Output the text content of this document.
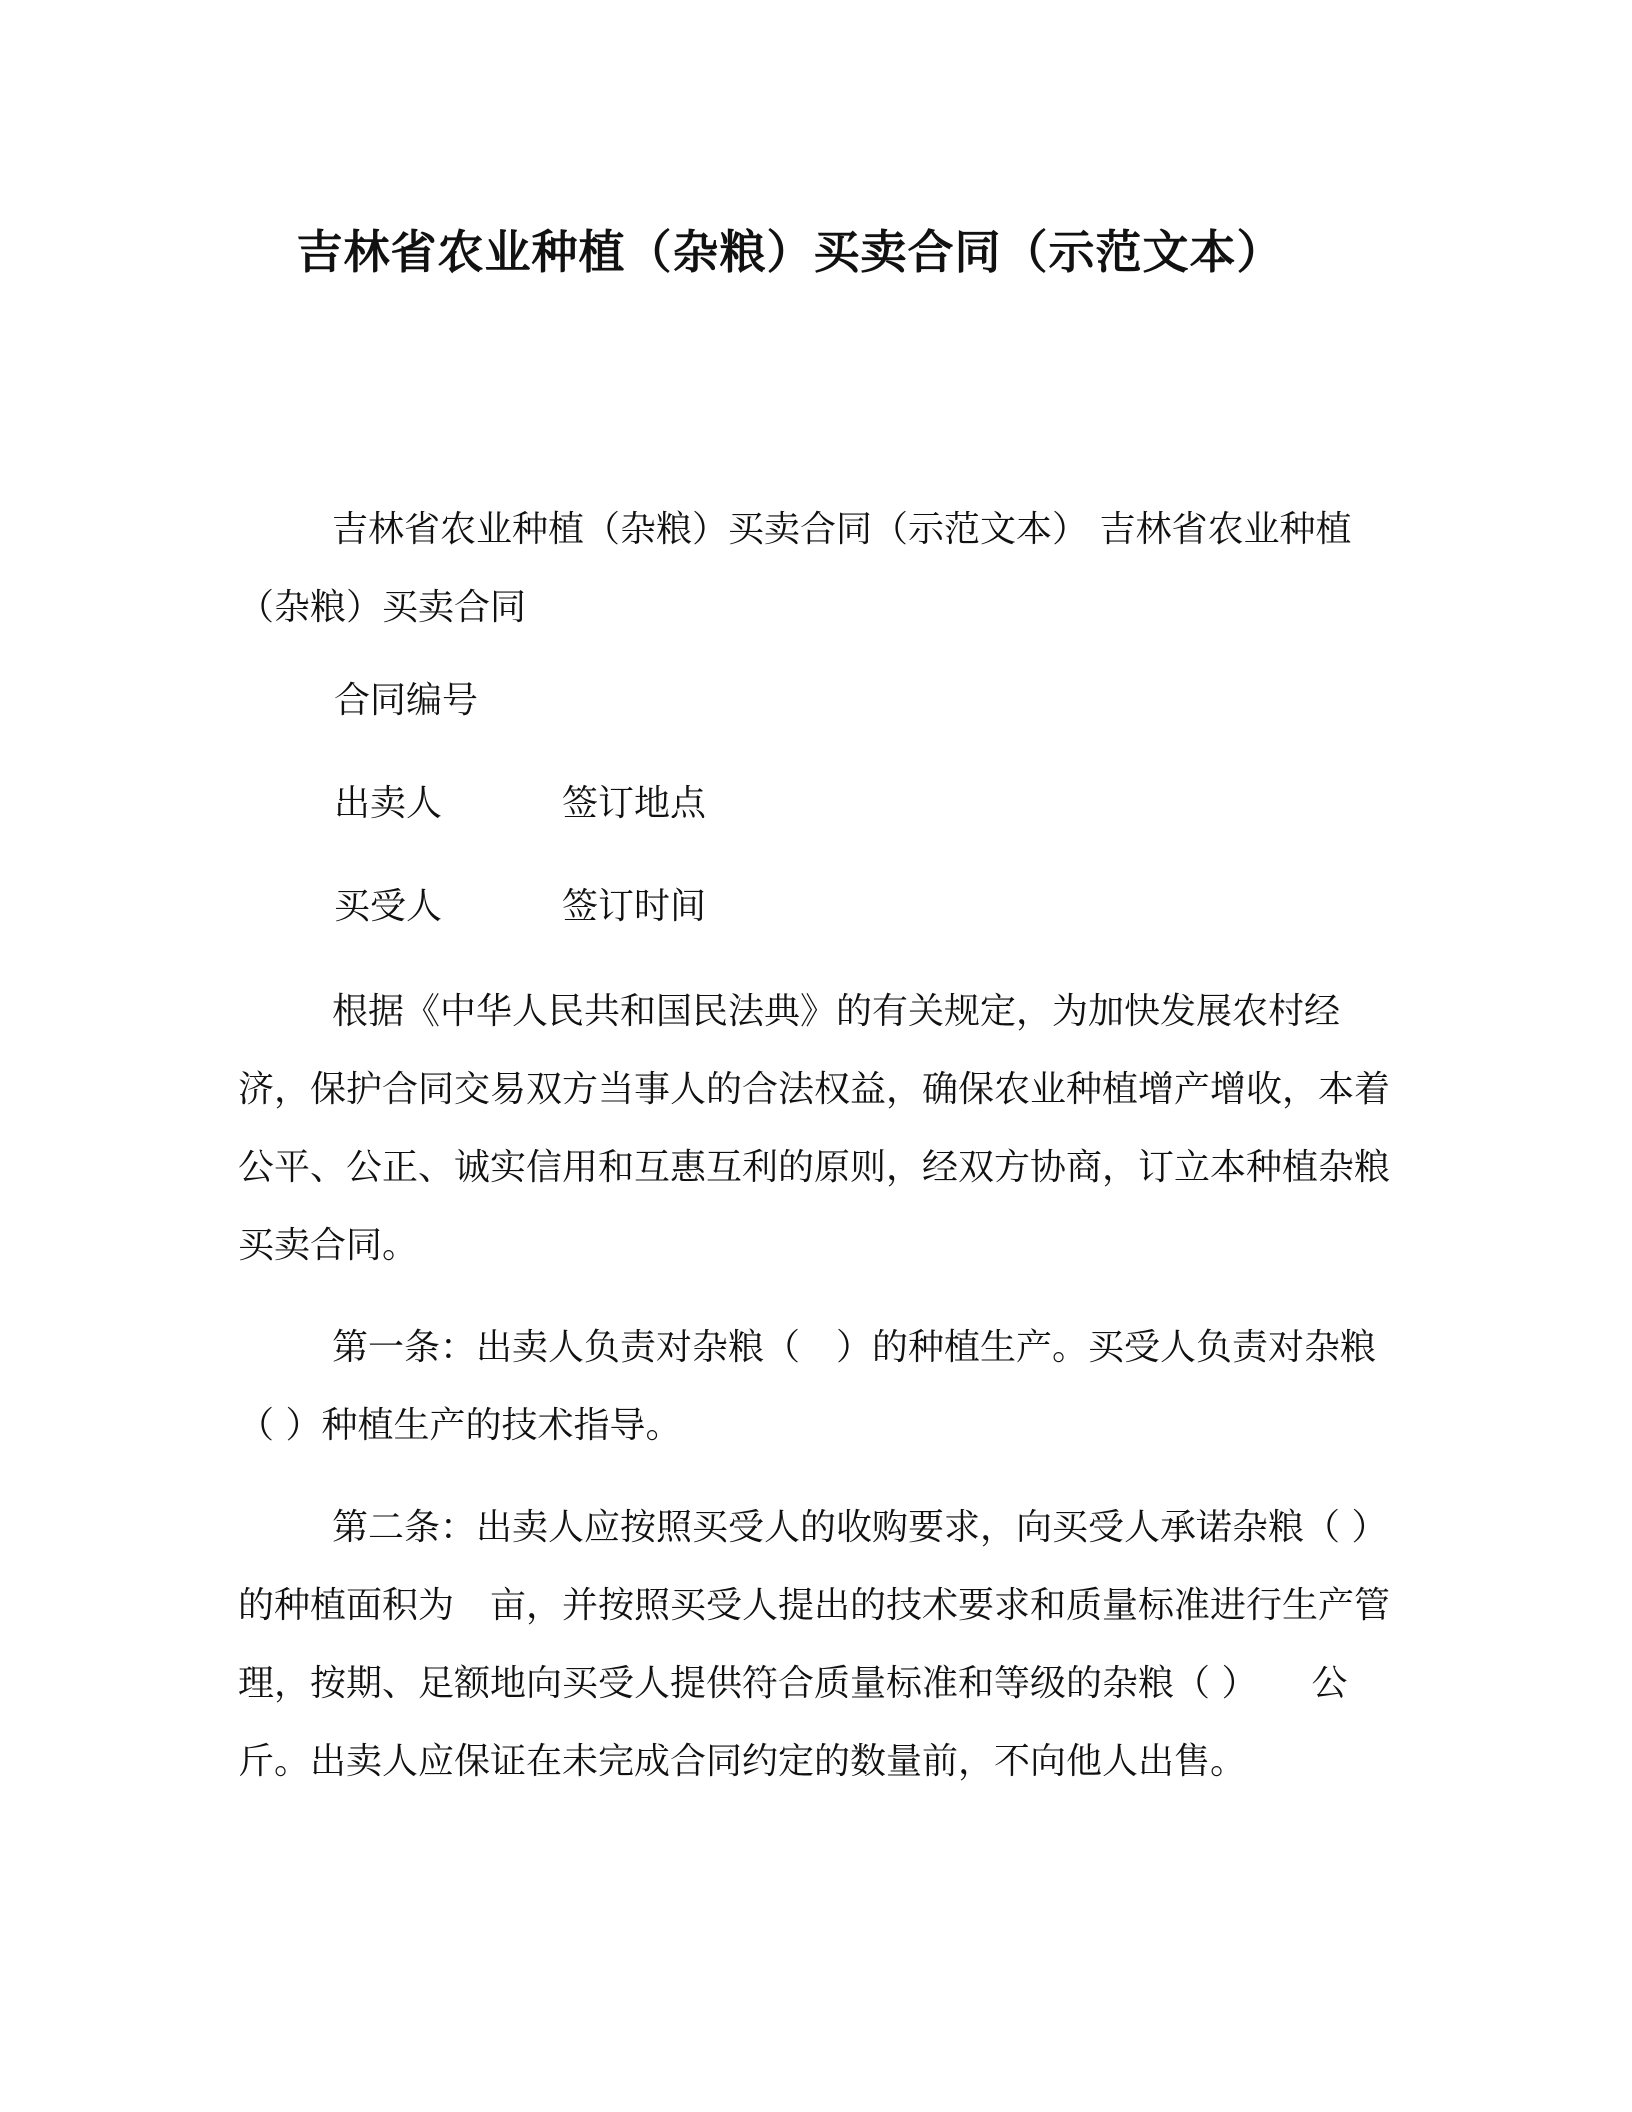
吉林省农业种植（杂粮）买卖合同（示范文本）

吉林省农业种植（杂粮）买卖合同（示范文本） 吉林省农业种植（杂粮）买卖合同

合同编号
出卖人	签订地点
买受人	签订时间

根据《中华人民共和国民法典》的有关规定，为加快发展农村经济，保护合同交易双方当事人的合法权益，确保农业种植增产增收，本着公平、公正、诚实信用和互惠互利的原则，经双方协商，订立本种植杂粮买卖合同。

第一条：出卖人负责对杂粮（　）的种植生产。买受人负责对杂粮（ ）种植生产的技术指导。

第二条：出卖人应按照买受人的收购要求，向买受人承诺杂粮（ ）的种植面积为　亩，并按照买受人提出的技术要求和质量标准进行生产管理，按期、足额地向买受人提供符合质量标准和等级的杂粮（ ）　　公斤。出卖人应保证在未完成合同约定的数量前，不向他人出售。
